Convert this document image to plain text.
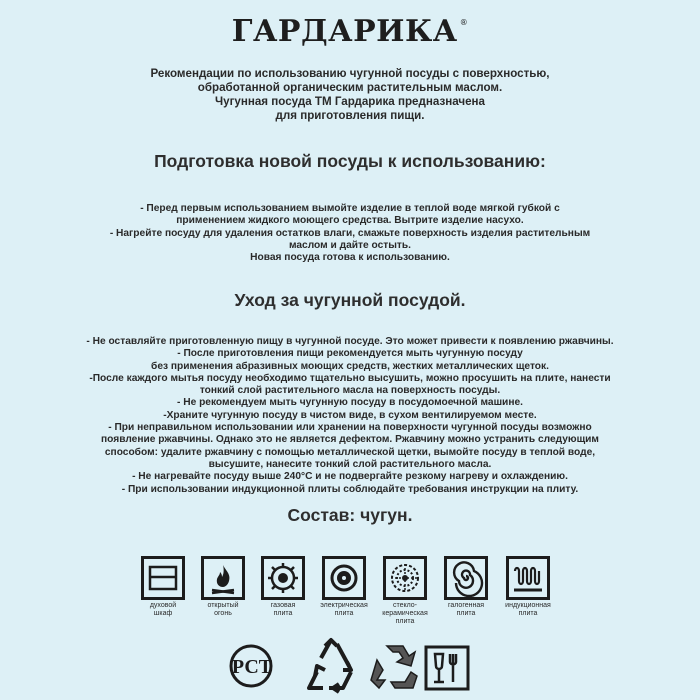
ГАРДАРИКА ®
Рекомендации по использованию чугунной посуды с поверхностью,
обработанной органическим растительным маслом.
Чугунная посуда ТМ Гардарика предназначена
для приготовления пищи.
Подготовка новой посуды к использованию:
- Перед первым использованием вымойте изделие в теплой воде мягкой губкой с
применением жидкого моющего средства. Вытрите изделие насухо.
- Нагрейте посуду для удаления остатков влаги, смажьте поверхность изделия растительным
маслом и дайте остыть.
Новая посуда готова к использованию.
Уход за чугунной посудой.
- Не оставляйте приготовленную пищу в чугунной посуде. Это может привести к появлению ржавчины.
- После приготовления пищи рекомендуется мыть чугунную посуду
без применения абразивных моющих средств, жестких металлических щеток.
-После каждого мытья посуду необходимо тщательно высушить, можно просушить на плите, нанести
тонкий слой растительного масла на поверхность посуды.
- Не рекомендуем мыть чугунную посуду в посудомоечной машине.
-Храните чугунную посуду в чистом виде, в сухом вентилируемом месте.
- При неправильном использовании или хранении на поверхности чугунной посуды возможно
появление ржавчины. Однако это не является дефектом. Ржавчину можно устранить следующим
способом: удалите ржавчину с помощью металлической щетки, вымойте посуду в теплой воде,
высушите, нанесите тонкий слой растительного масла.
- Не нагревайте посуду выше 240°C и не подвергайте резкому нагреву и охлаждению.
- При использовании индукционной плиты соблюдайте требования инструкции на плиту.
Состав: чугун.
духовой
шкаф
открытый
огонь
газовая
плита
электрическая
плита
стекло-
керамическая
плита
галогенная
плита
индукционная
плита
РСТ
